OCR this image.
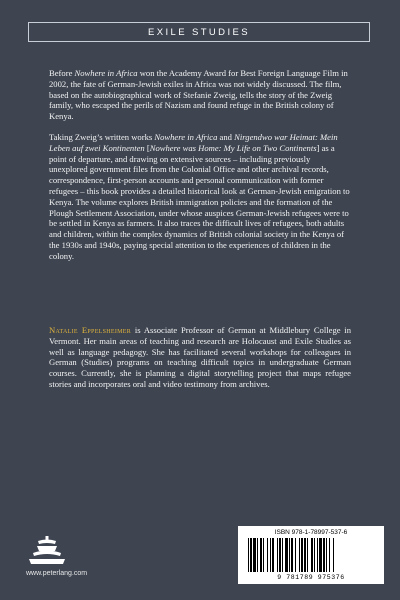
EXILE STUDIES

Before Nowhere in Africa won the Academy Award for Best Foreign Language Film in 2002, the fate of German-Jewish exiles in Africa was not widely discussed. The film, based on the autobiographical work of Stefanie Zweig, tells the story of the Zweig family, who escaped the perils of Nazism and found refuge in the British colony of Kenya.

Taking Zweig’s written works Nowhere in Africa and Nirgendwo war Heimat: Mein Leben auf zwei Kontinenten [Nowhere was Home: My Life on Two Continents] as a point of departure, and drawing on extensive sources – including previously unexplored government files from the Colonial Office and other archival records, correspondence, first-person accounts and personal communication with former refugees – this book provides a detailed historical look at German-Jewish emigration to Kenya. The volume explores British immigration policies and the formation of the Plough Settlement Association, under whose auspices German-Jewish refugees were to be settled in Kenya as farmers. It also traces the difficult lives of refugees, both adults and children, within the complex dynamics of British colonial society in the Kenya of the 1930s and 1940s, paying special attention to the experiences of children in the colony.

Natalie Eppelsheimer is Associate Professor of German at Middlebury College in Vermont. Her main areas of teaching and research are Holocaust and Exile Studies as well as language pedagogy. She has facilitated several workshops for colleagues in German (Studies) programs on teaching difficult topics in undergraduate German courses. Currently, she is planning a digital storytelling project that maps refugee stories and incorporates oral and video testimony from archives.

www.peterlang.com
ISBN 978-1-78997-537-6
9 781789 975376
